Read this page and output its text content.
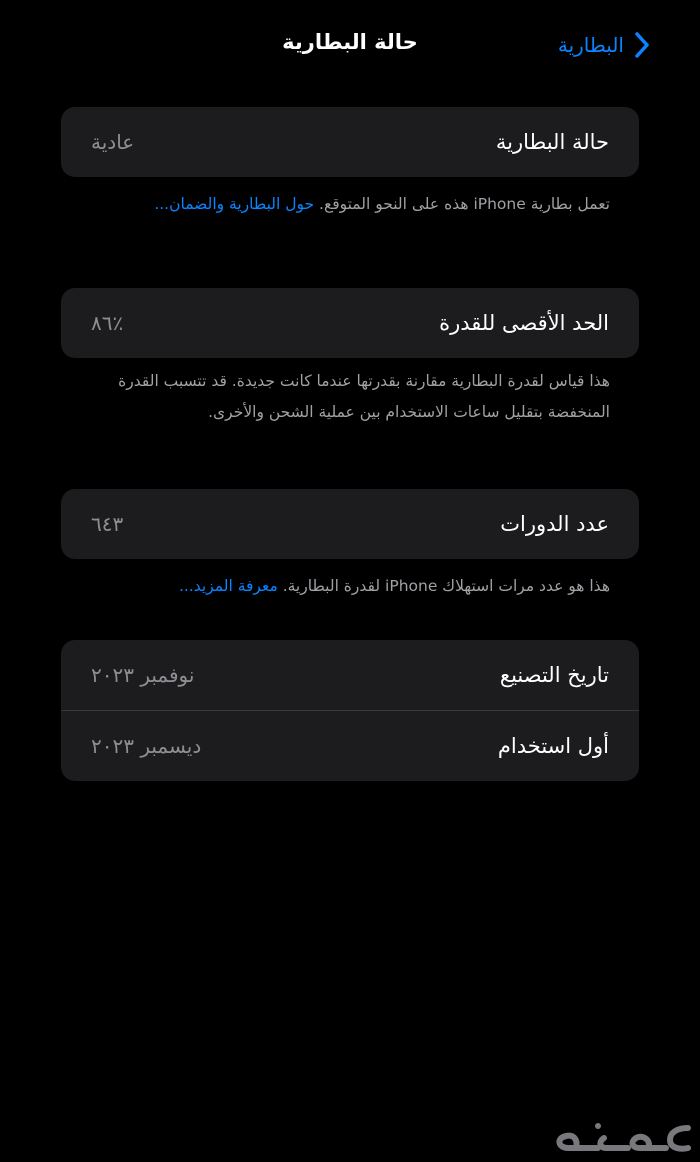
البطارية
حالة البطارية
حالة البطارية
عادية
تعمل بطارية iPhone هذه على النحو المتوقع. حول البطارية والضمان...
الحد الأقصى للقدرة
٪٨٦
هذا قياس لقدرة البطارية مقارنة بقدرتها عندما كانت جديدة. قد تتسبب القدرة المنخفضة بتقليل ساعات الاستخدام بين عملية الشحن والأخرى.
عدد الدورات
٦٤٣
هذا هو عدد مرات استهلاك iPhone لقدرة البطارية. معرفة المزيد...
تاريخ التصنيع
نوفمبر ٢٠٢٣
أول استخدام
ديسمبر ٢٠٢٣
